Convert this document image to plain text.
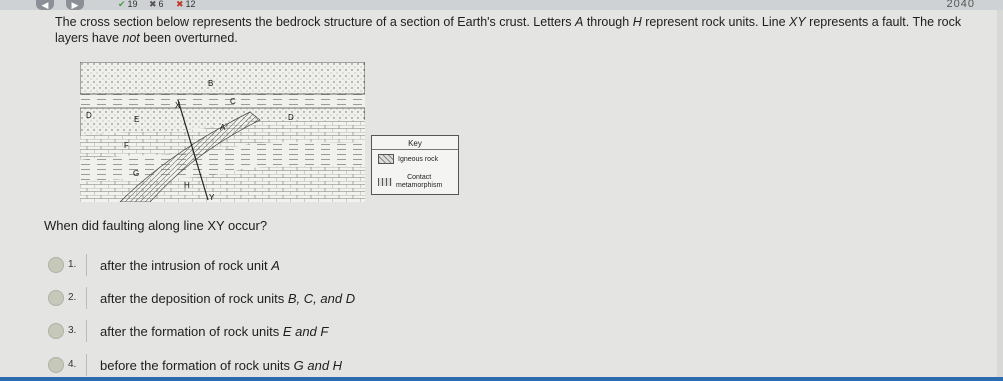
◀	▶	✔ 19 ✖ 6 ✖ 12	2040
The cross section below represents the bedrock structure of a section of Earth's crust. Letters A through H represent rock units. Line XY represents a fault. The rock
layers have not been overturned.
B
C
X
D	D
E
A
F
G
H
Y
Key
Igneous rock
Contact
metamorphism
When did faulting along line XY occur?
1. after the intrusion of rock unit A
2. after the deposition of rock units B, C, and D
3. after the formation of rock units E and F
4. before the formation of rock units G and H
